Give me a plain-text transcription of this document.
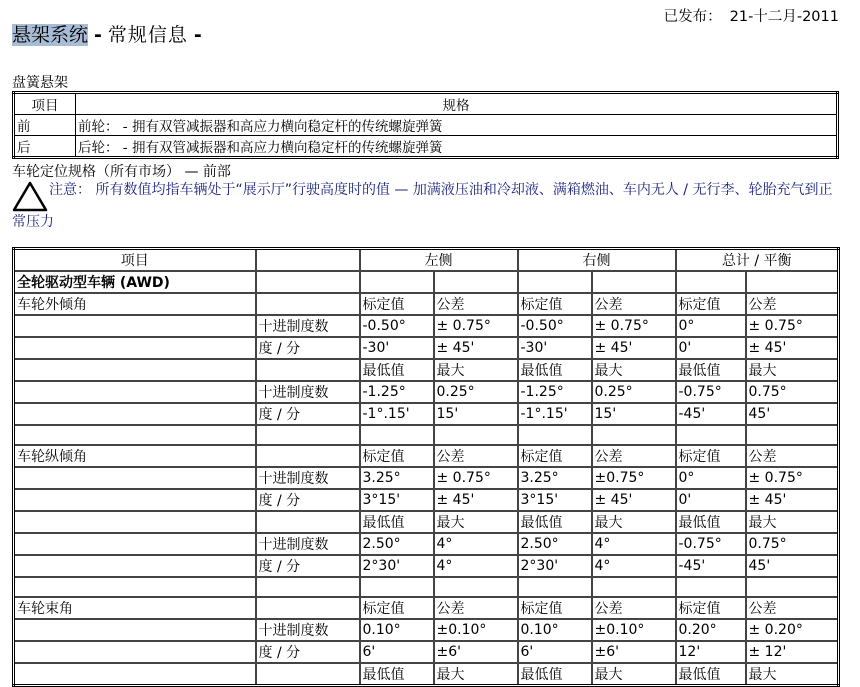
已发布： 21-十二月-2011
悬架系统 - 常规信息 -
盘簧悬架
项目	规格
前	前轮： - 拥有双管减振器和高应力横向稳定杆的传统螺旋弹簧
后	后轮： - 拥有双管减振器和高应力横向稳定杆的传统螺旋弹簧
车轮定位规格（所有市场） — 前部
注意： 所有数值均指车辆处于“展示厅”行驶高度时的值 — 加满液压油和冷却液、满箱燃油、车内无人 / 无行李、轮胎充气到正常压力
项目		左侧		右侧		总计 / 平衡	
全轮驱动型车辆 (AWD)							
车轮外倾角		标定值	公差	标定值	公差	标定值	公差
	十进制度数	-0.50°	± 0.75°	-0.50°	± 0.75°	0°	± 0.75°
	度 / 分	-30'	± 45'	-30'	± 45'	0'	± 45'
		最低值	最大	最低值	最大	最低值	最大
	十进制度数	-1.25°	0.25°	-1.25°	0.25°	-0.75°	0.75°
	度 / 分	-1°.15'	15'	-1°.15'	15'	-45'	45'

车轮纵倾角		标定值	公差	标定值	公差	标定值	公差
	十进制度数	3.25°	± 0.75°	3.25°	±0.75°	0°	± 0.75°
	度 / 分	3°15'	± 45'	3°15'	± 45'	0'	± 45'
		最低值	最大	最低值	最大	最低值	最大
	十进制度数	2.50°	4°	2.50°	4°	-0.75°	0.75°
	度 / 分	2°30'	4°	2°30'	4°	-45'	45'

车轮束角		标定值	公差	标定值	公差	标定值	公差
	十进制度数	0.10°	±0.10°	0.10°	±0.10°	0.20°	± 0.20°
	度 / 分	6'	±6'	6'	±6'	12'	± 12'
		最低值	最大	最低值	最大	最低值	最大
